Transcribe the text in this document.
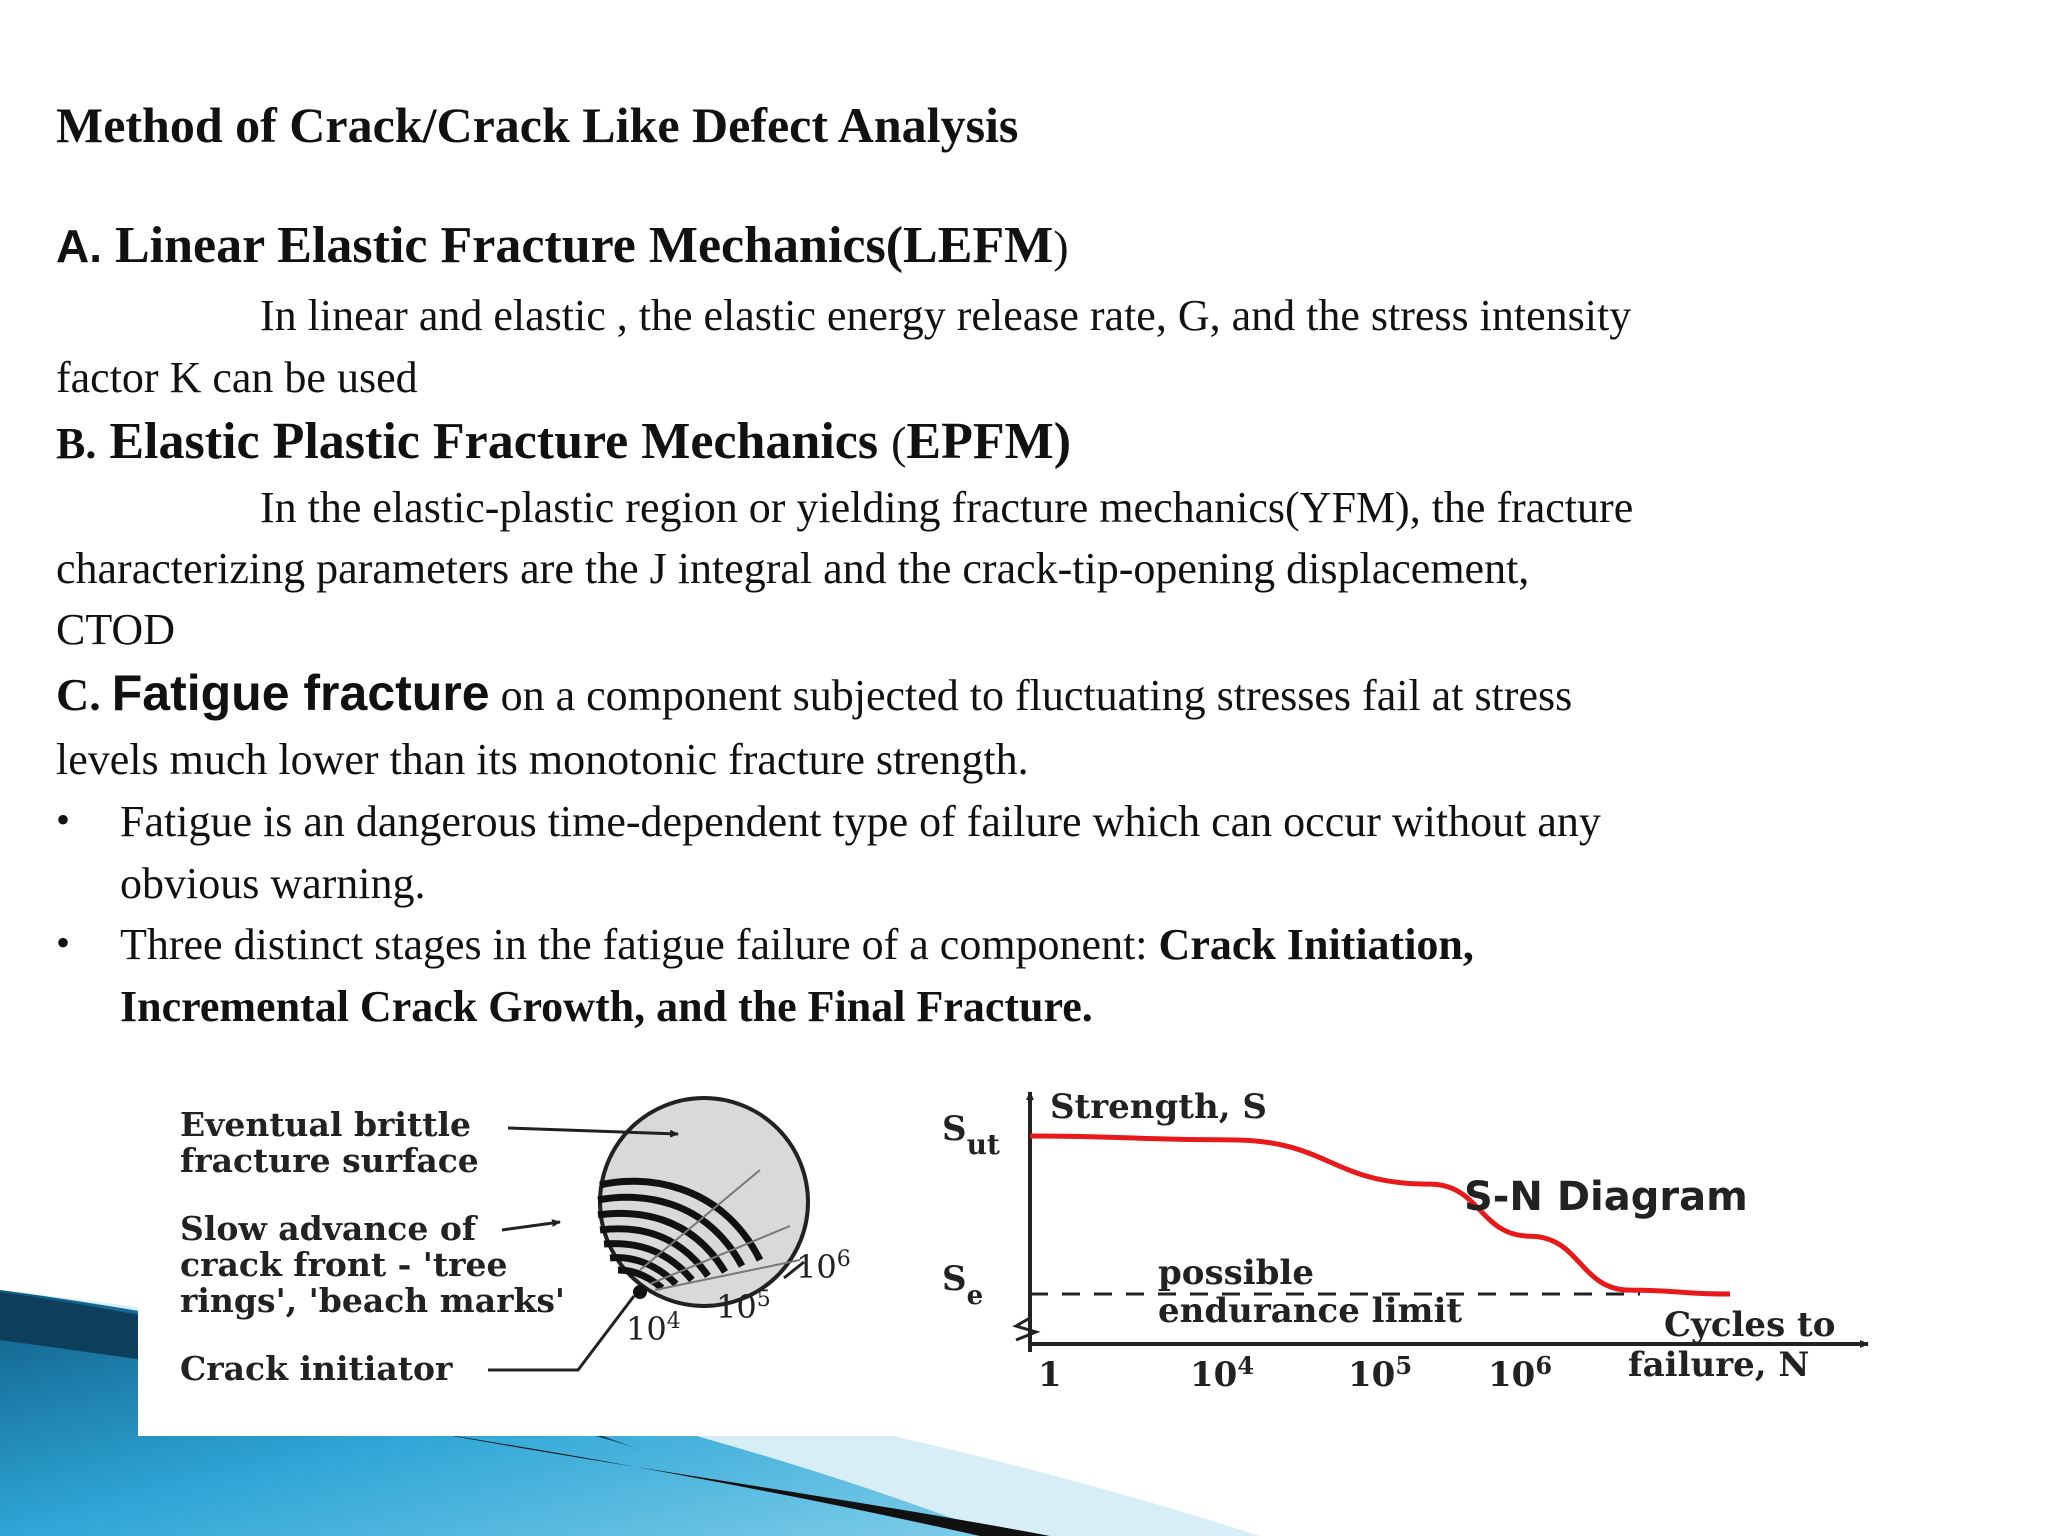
Method of Crack/Crack Like Defect Analysis
A. Linear Elastic Fracture Mechanics(LEFM)
In linear and elastic , the elastic energy release rate, G, and the stress intensity
factor K can be used
B. Elastic Plastic Fracture Mechanics (EPFM)
In the elastic-plastic region or yielding fracture mechanics(YFM), the fracture
characterizing parameters are the J integral and the crack-tip-opening displacement,
CTOD
C. Fatigue fracture on a component subjected to fluctuating stresses fail at stress
levels much lower than its monotonic fracture strength.
• Fatigue is an dangerous time-dependent type of failure which can occur without any
obvious warning.
• Three distinct stages in the fatigue failure of a component: Crack Initiation,
Incremental Crack Growth, and the Final Fracture.
Eventual brittle
fracture surface
Slow advance of
crack front - 'tree
rings', 'beach marks'
Crack initiator
$10^4$ $10^5$
$10^6$
Strength, S
S-N Diagram
possible
endurance limit	Cycles to
failure, N
$S_{ut}$
$S_e$
1	$10^4$	$10^5$ $10^6$
